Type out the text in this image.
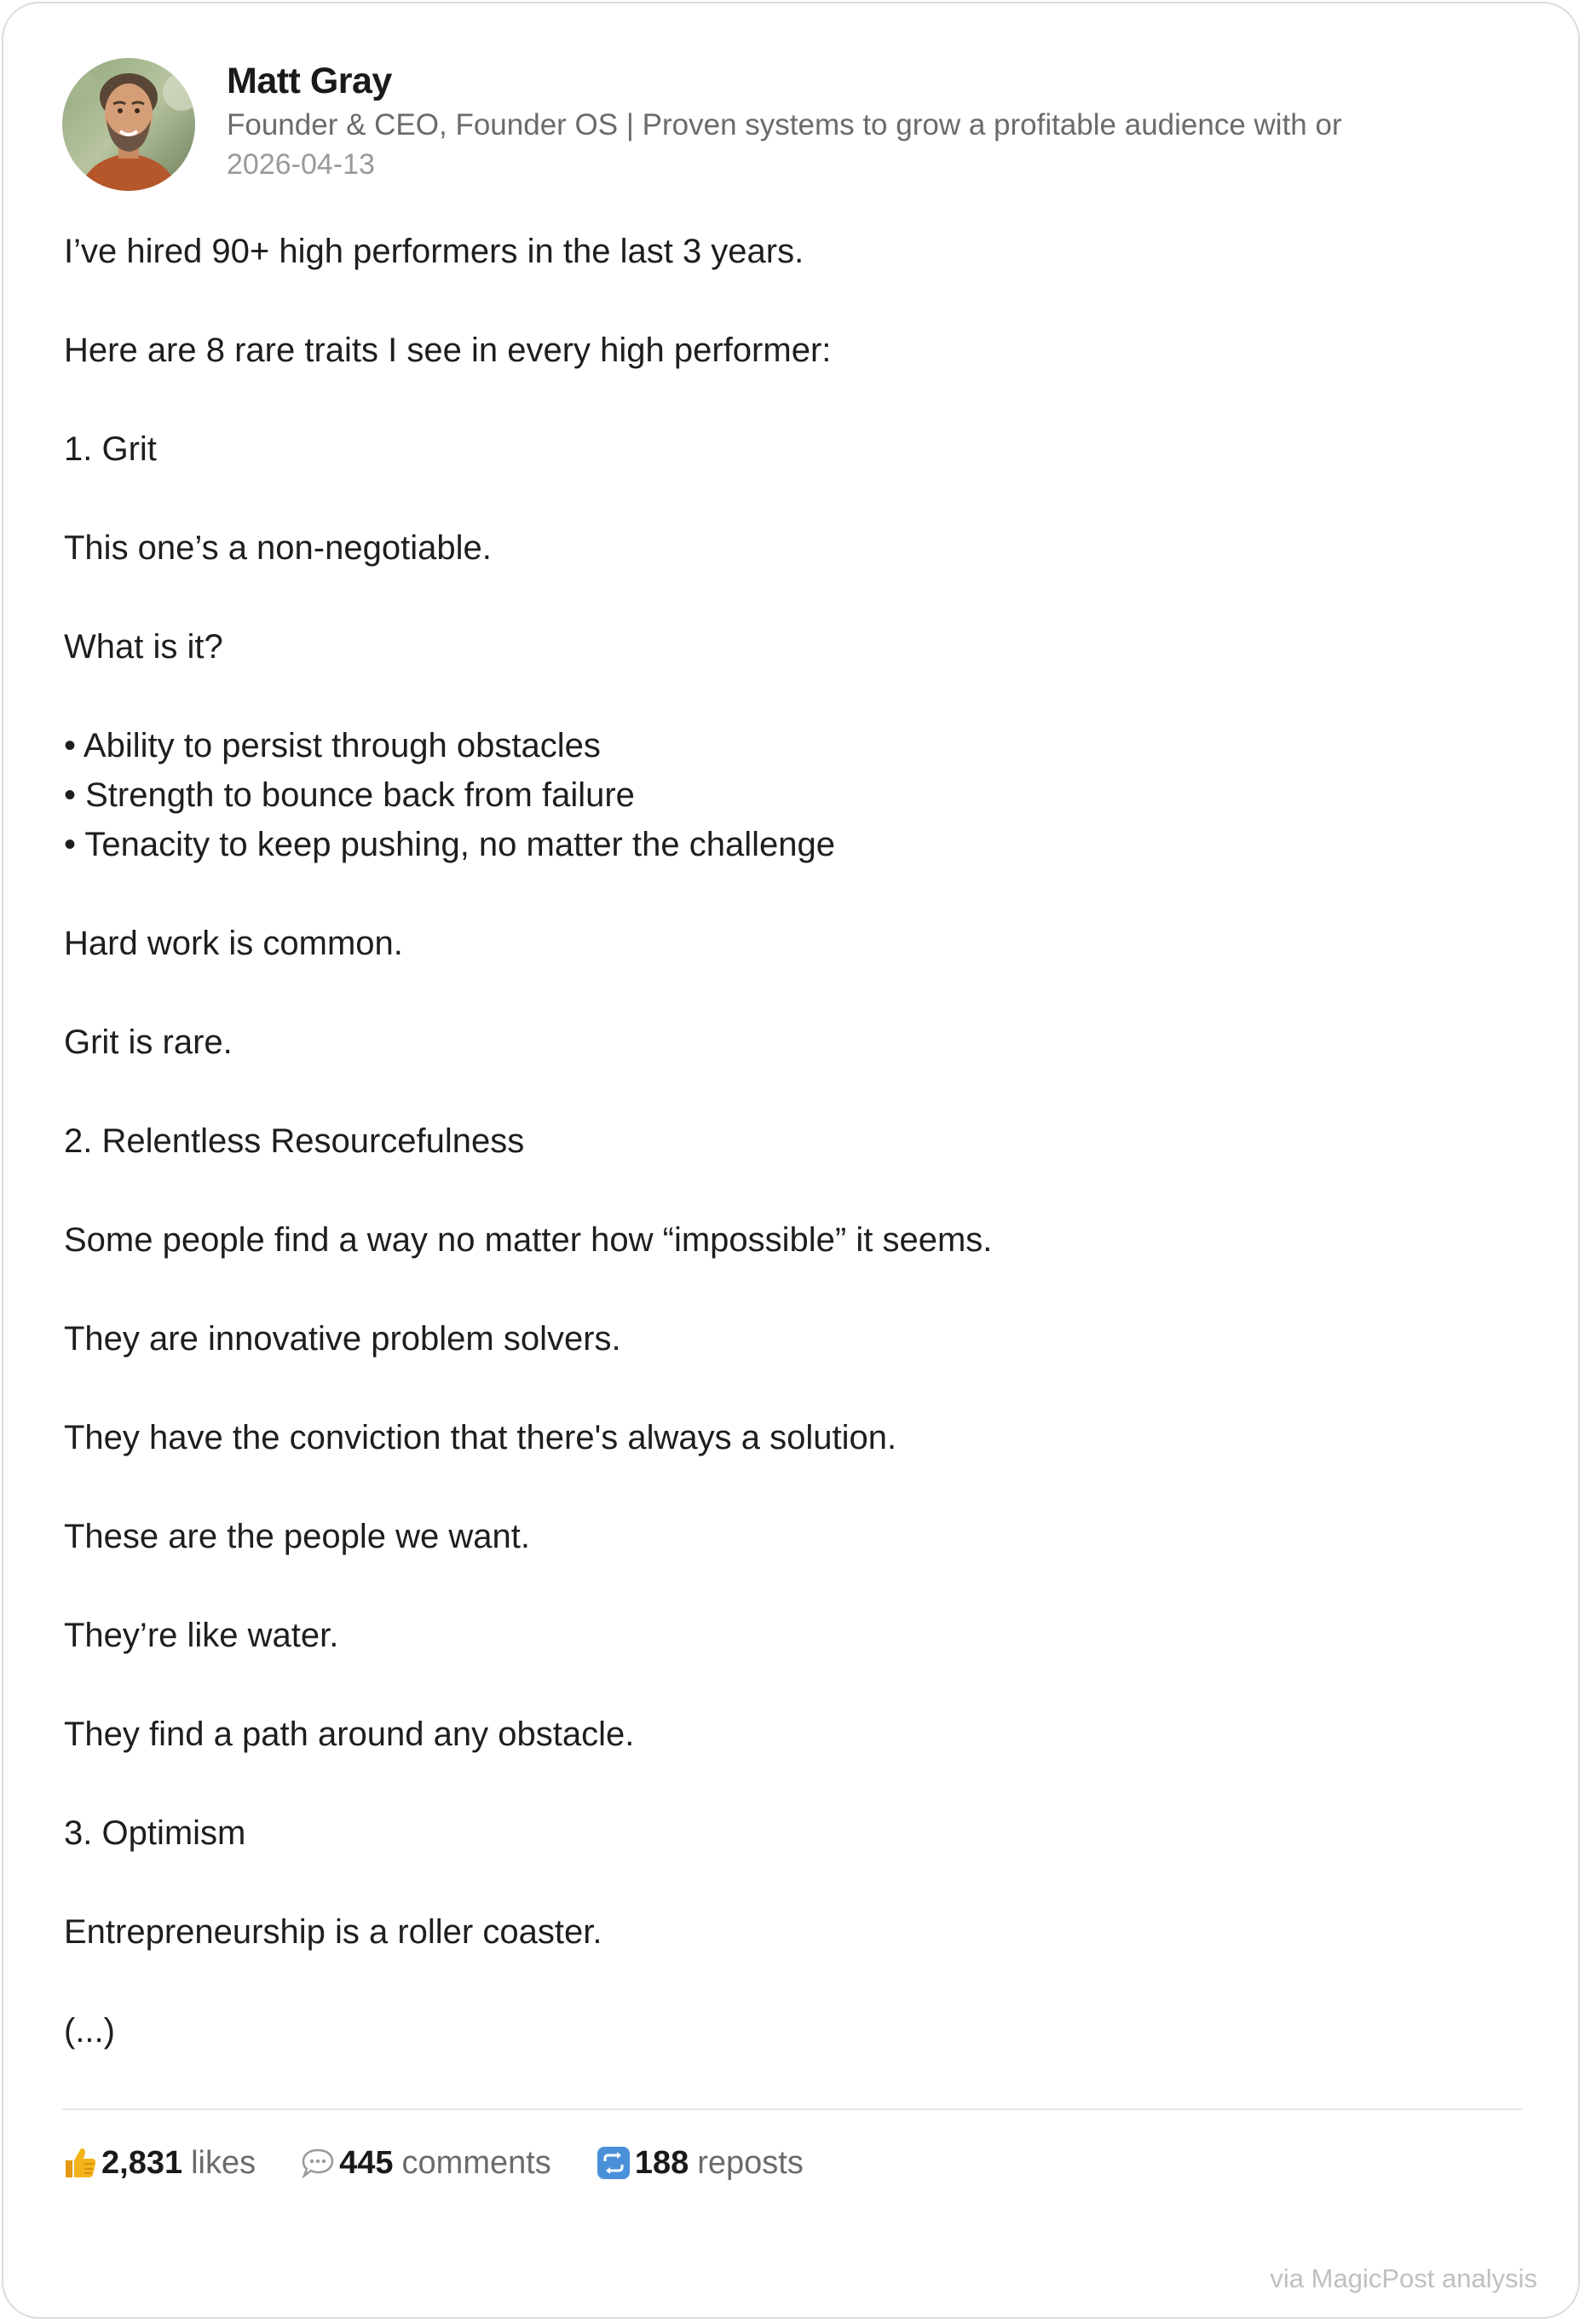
Matt Gray
Founder & CEO, Founder OS | Proven systems to grow a profitable audience with or
2026-04-13
I’ve hired 90+ high performers in the last 3 years.
Here are 8 rare traits I see in every high performer:
1. Grit
This one’s a non-negotiable.
What is it?
• Ability to persist through obstacles
• Strength to bounce back from failure
• Tenacity to keep pushing, no matter the challenge
Hard work is common.
Grit is rare.
2. Relentless Resourcefulness
Some people find a way no matter how “impossible” it seems.
They are innovative problem solvers.
They have the conviction that there's always a solution.
These are the people we want.
They’re like water.
They find a path around any obstacle.
3. Optimism
Entrepreneurship is a roller coaster.
(...)
2,831 likes	445 comments	188 reposts
via MagicPost analysis
